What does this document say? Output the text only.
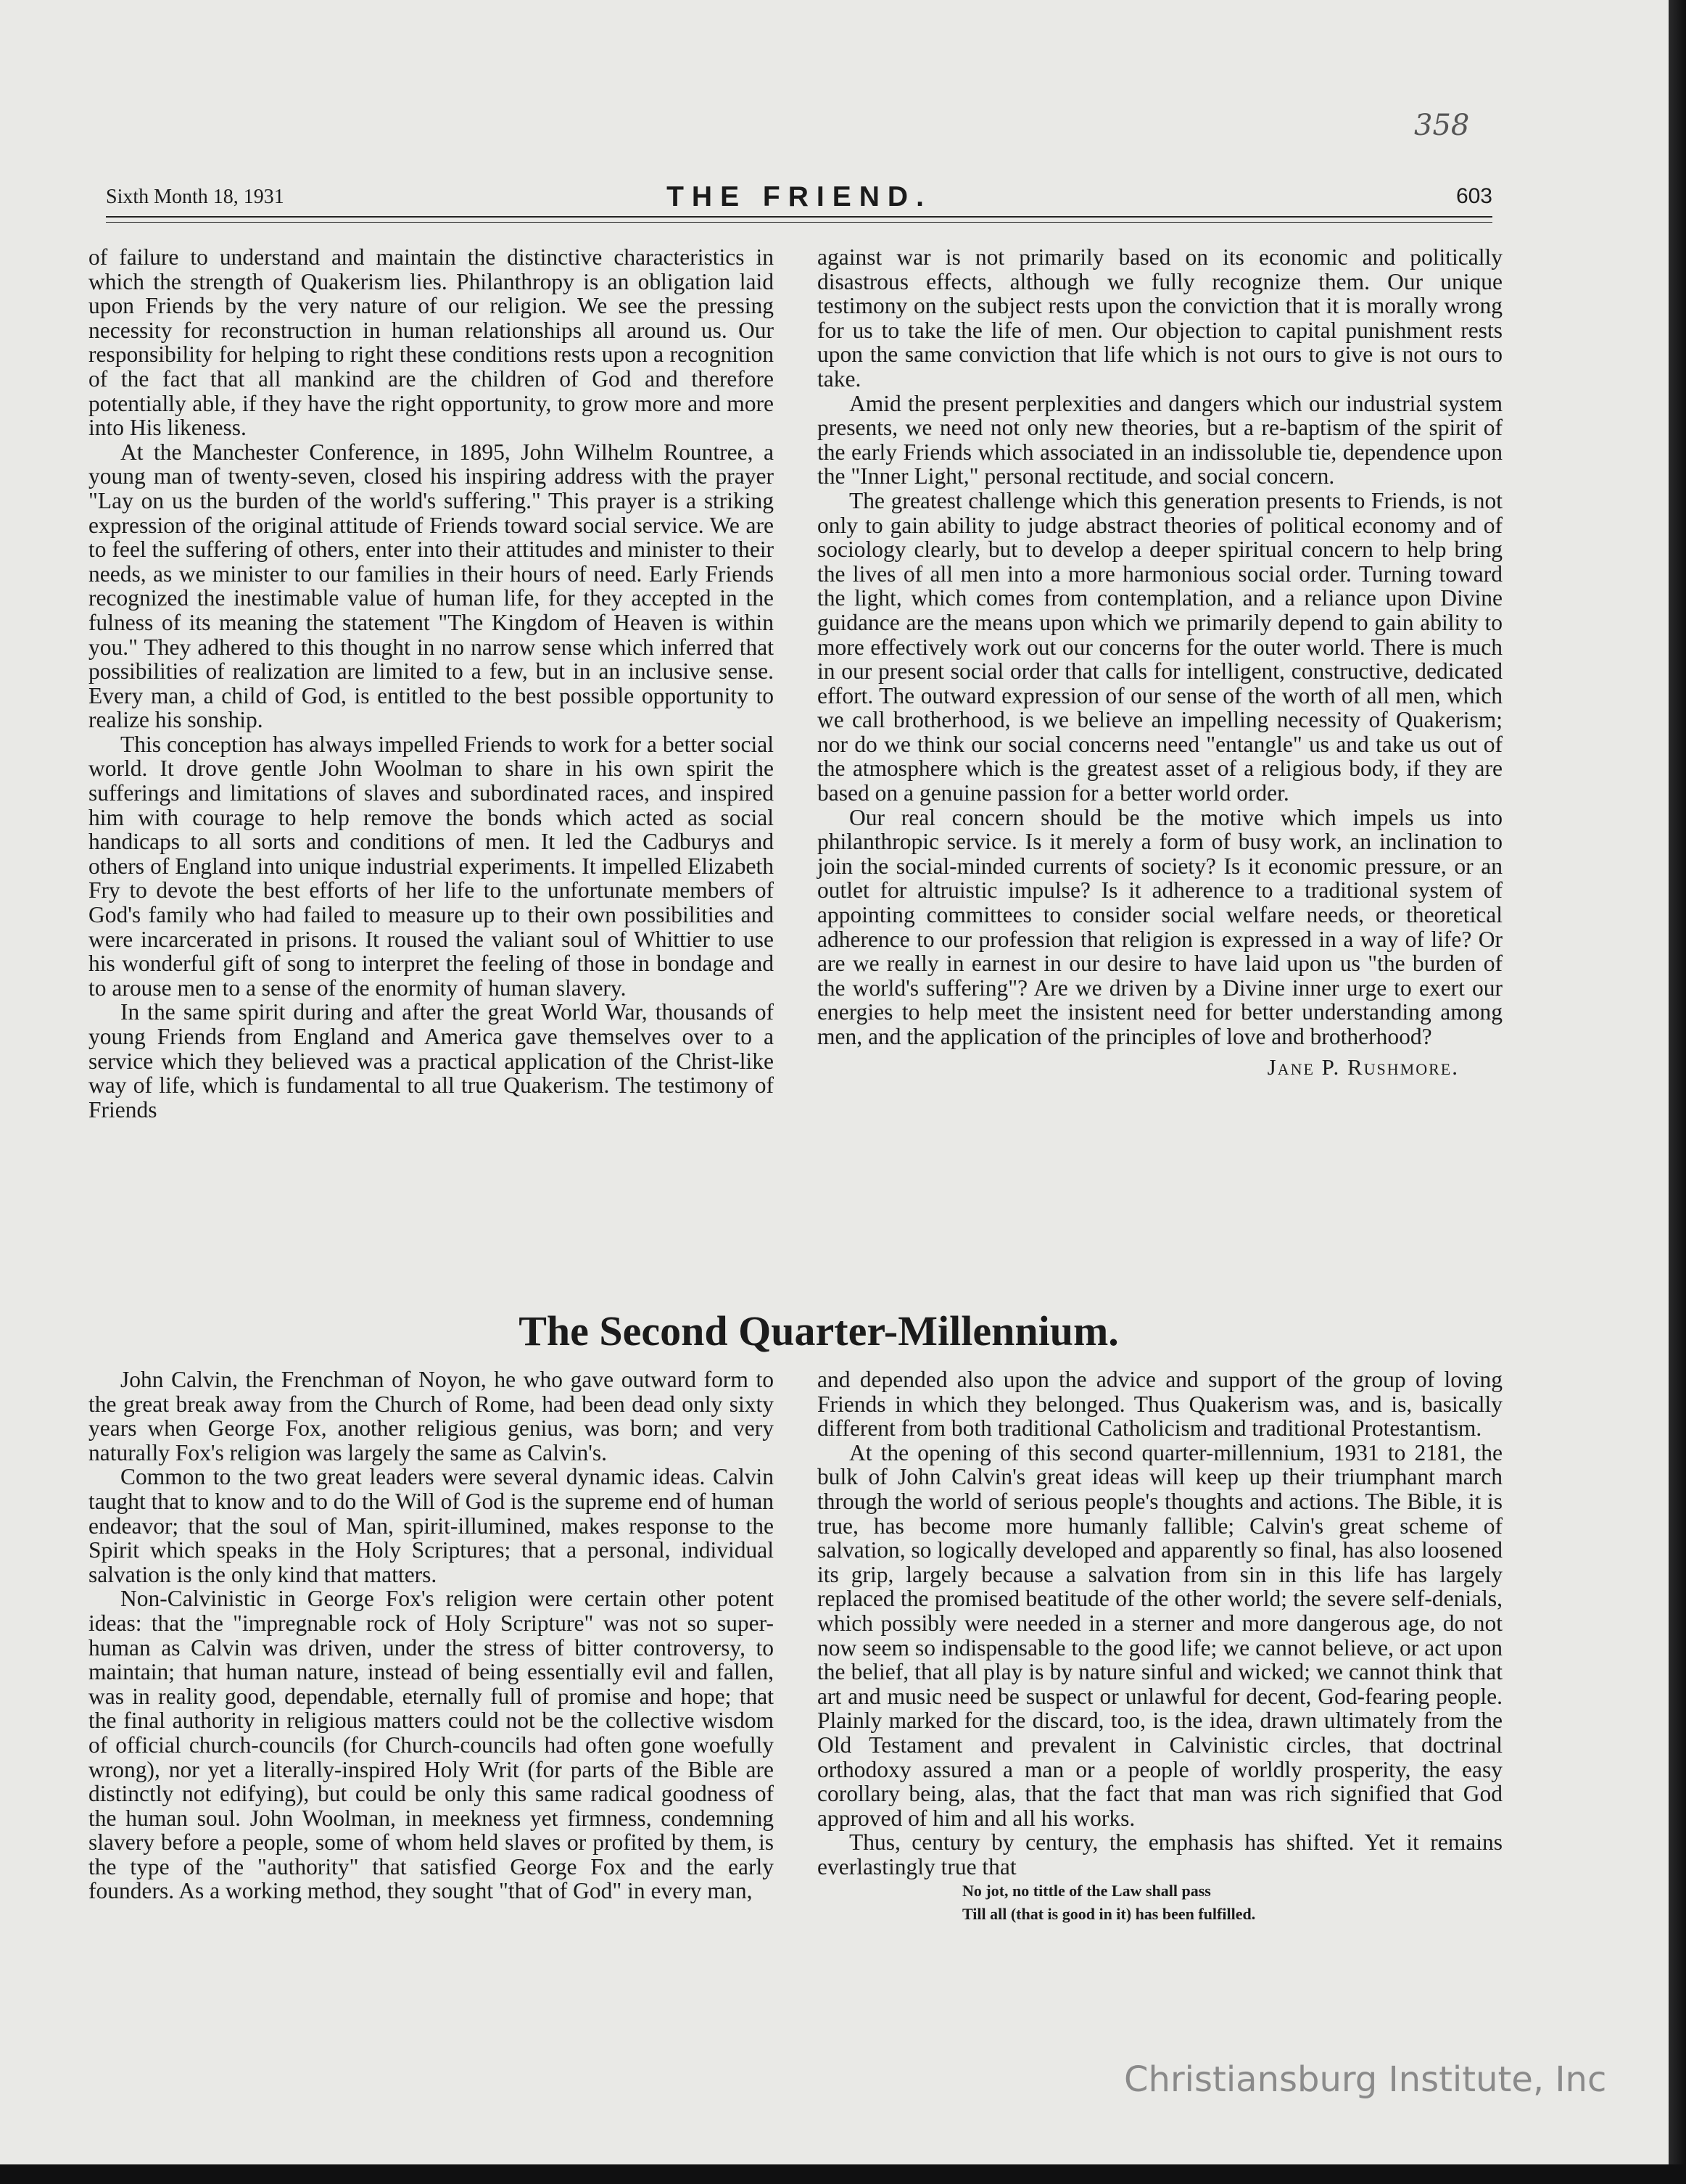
358
Sixth Month 18, 1931	THE FRIEND.	603

of failure to understand and maintain the distinctive characteristics in which the strength of Quakerism lies. Philanthropy is an obligation laid upon Friends by the very nature of our religion. We see the pressing necessity for reconstruction in human relationships all around us. Our responsibility for helping to right these conditions rests upon a recognition of the fact that all mankind are the children of God and therefore potentially able, if they have the right opportunity, to grow more and more into His likeness.

At the Manchester Conference, in 1895, John Wilhelm Rountree, a young man of twenty-seven, closed his inspiring address with the prayer "Lay on us the burden of the world's suffering." This prayer is a striking expression of the original attitude of Friends toward social service. We are to feel the suffering of others, enter into their attitudes and minister to their needs, as we minister to our families in their hours of need. Early Friends recognized the inestimable value of human life, for they accepted in the fulness of its meaning the statement "The Kingdom of Heaven is within you." They adhered to this thought in no narrow sense which inferred that possibilities of realization are limited to a few, but in an inclusive sense. Every man, a child of God, is entitled to the best possible opportunity to realize his sonship.

This conception has always impelled Friends to work for a better social world. It drove gentle John Woolman to share in his own spirit the sufferings and limitations of slaves and subordinated races, and inspired him with courage to help remove the bonds which acted as social handicaps to all sorts and conditions of men. It led the Cadburys and others of England into unique industrial experiments. It impelled Elizabeth Fry to devote the best efforts of her life to the unfortunate members of God's family who had failed to measure up to their own possibilities and were incarcerated in prisons. It roused the valiant soul of Whittier to use his wonderful gift of song to interpret the feeling of those in bondage and to arouse men to a sense of the enormity of human slavery.

In the same spirit during and after the great World War, thousands of young Friends from England and America gave themselves over to a service which they believed was a practical application of the Christ-like way of life, which is fundamental to all true Quakerism. The testimony of Friends

against war is not primarily based on its economic and politically disastrous effects, although we fully recognize them. Our unique testimony on the subject rests upon the conviction that it is morally wrong for us to take the life of men. Our objection to capital punishment rests upon the same conviction that life which is not ours to give is not ours to take.

Amid the present perplexities and dangers which our industrial system presents, we need not only new theories, but a re-baptism of the spirit of the early Friends which associated in an indissoluble tie, dependence upon the "Inner Light," personal rectitude, and social concern.

The greatest challenge which this generation presents to Friends, is not only to gain ability to judge abstract theories of political economy and of sociology clearly, but to develop a deeper spiritual concern to help bring the lives of all men into a more harmonious social order. Turning toward the light, which comes from contemplation, and a reliance upon Divine guidance are the means upon which we primarily depend to gain ability to more effectively work out our concerns for the outer world. There is much in our present social order that calls for intelligent, constructive, dedicated effort. The outward expression of our sense of the worth of all men, which we call brotherhood, is we believe an impelling necessity of Quakerism; nor do we think our social concerns need "entangle" us and take us out of the atmosphere which is the greatest asset of a religious body, if they are based on a genuine passion for a better world order.

Our real concern should be the motive which impels us into philanthropic service. Is it merely a form of busy work, an inclination to join the social-minded currents of society? Is it economic pressure, or an outlet for altruistic impulse? Is it adherence to a traditional system of appointing committees to consider social welfare needs, or theoretical adherence to our profession that religion is expressed in a way of life? Or are we really in earnest in our desire to have laid upon us "the burden of the world's suffering"? Are we driven by a Divine inner urge to exert our energies to help meet the insistent need for better understanding among men, and the application of the principles of love and brotherhood?

Jane P. Rushmore.
The Second Quarter-Millennium.

John Calvin, the Frenchman of Noyon, he who gave outward form to the great break away from the Church of Rome, had been dead only sixty years when George Fox, another religious genius, was born; and very naturally Fox's religion was largely the same as Calvin's.

Common to the two great leaders were several dynamic ideas. Calvin taught that to know and to do the Will of God is the supreme end of human endeavor; that the soul of Man, spirit-illumined, makes response to the Spirit which speaks in the Holy Scriptures; that a personal, individual salvation is the only kind that matters.

Non-Calvinistic in George Fox's religion were certain other potent ideas: that the "impregnable rock of Holy Scripture" was not so super-human as Calvin was driven, under the stress of bitter controversy, to maintain; that human nature, instead of being essentially evil and fallen, was in reality good, dependable, eternally full of promise and hope; that the final authority in religious matters could not be the collective wisdom of official church-councils (for Church-councils had often gone woefully wrong), nor yet a literally-inspired Holy Writ (for parts of the Bible are distinctly not edifying), but could be only this same radical goodness of the human soul. John Woolman, in meekness yet firmness, condemning slavery before a people, some of whom held slaves or profited by them, is the type of the "authority" that satisfied George Fox and the early founders. As a working method, they sought "that of God" in every man,

and depended also upon the advice and support of the group of loving Friends in which they belonged. Thus Quakerism was, and is, basically different from both traditional Catholicism and traditional Protestantism.

At the opening of this second quarter-millennium, 1931 to 2181, the bulk of John Calvin's great ideas will keep up their triumphant march through the world of serious people's thoughts and actions. The Bible, it is true, has become more humanly fallible; Calvin's great scheme of salvation, so logically developed and apparently so final, has also loosened its grip, largely because a salvation from sin in this life has largely replaced the promised beatitude of the other world; the severe self-denials, which possibly were needed in a sterner and more dangerous age, do not now seem so indispensable to the good life; we cannot believe, or act upon the belief, that all play is by nature sinful and wicked; we cannot think that art and music need be suspect or unlawful for decent, God-fearing people. Plainly marked for the discard, too, is the idea, drawn ultimately from the Old Testament and prevalent in Calvinistic circles, that doctrinal orthodoxy assured a man or a people of worldly prosperity, the easy corollary being, alas, that the fact that man was rich signified that God approved of him and all his works.

Thus, century by century, the emphasis has shifted. Yet it remains everlastingly true that

No jot, no tittle of the Law shall pass
Till all (that is good in it) has been fulfilled.
Christiansburg Institute, Inc
